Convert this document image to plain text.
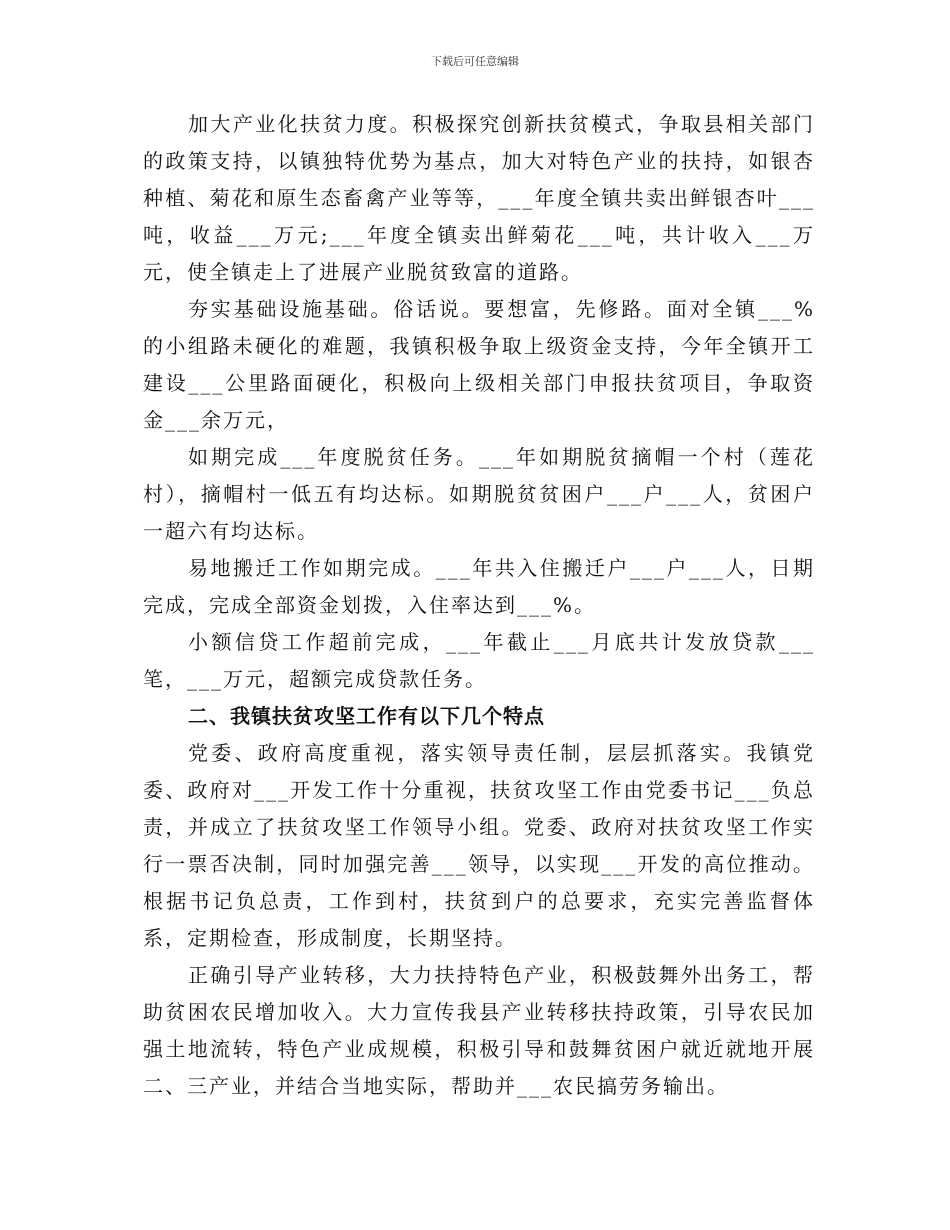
下载后可任意编辑

加大产业化扶贫力度。积极探究创新扶贫模式，争取县相关部门的政策支持，以镇独特优势为基点，加大对特色产业的扶持，如银杏种植、菊花和原生态畜禽产业等等，___年度全镇共卖出鲜银杏叶___吨，收益___万元;___年度全镇卖出鲜菊花___吨，共计收入___万元，使全镇走上了进展产业脱贫致富的道路。

夯实基础设施基础。俗话说。要想富，先修路。面对全镇___%的小组路未硬化的难题，我镇积极争取上级资金支持，今年全镇开工建设___公里路面硬化，积极向上级相关部门申报扶贫项目，争取资金___余万元，

如期完成___年度脱贫任务。___年如期脱贫摘帽一个村（莲花村），摘帽村一低五有均达标。如期脱贫贫困户___户___人，贫困户一超六有均达标。

易地搬迁工作如期完成。___年共入住搬迁户___户___人，日期完成，完成全部资金划拨，入住率达到___%。

小额信贷工作超前完成，___年截止___月底共计发放贷款___笔，___万元，超额完成贷款任务。

二、我镇扶贫攻坚工作有以下几个特点

党委、政府高度重视，落实领导责任制，层层抓落实。我镇党委、政府对___开发工作十分重视，扶贫攻坚工作由党委书记___负总责，并成立了扶贫攻坚工作领导小组。党委、政府对扶贫攻坚工作实行一票否决制，同时加强完善___领导，以实现___开发的高位推动。根据书记负总责，工作到村，扶贫到户的总要求，充实完善监督体系，定期检查，形成制度，长期坚持。

正确引导产业转移，大力扶持特色产业，积极鼓舞外出务工，帮助贫困农民增加收入。大力宣传我县产业转移扶持政策，引导农民加强土地流转，特色产业成规模，积极引导和鼓舞贫困户就近就地开展二、三产业，并结合当地实际，帮助并___农民搞劳务输出。
